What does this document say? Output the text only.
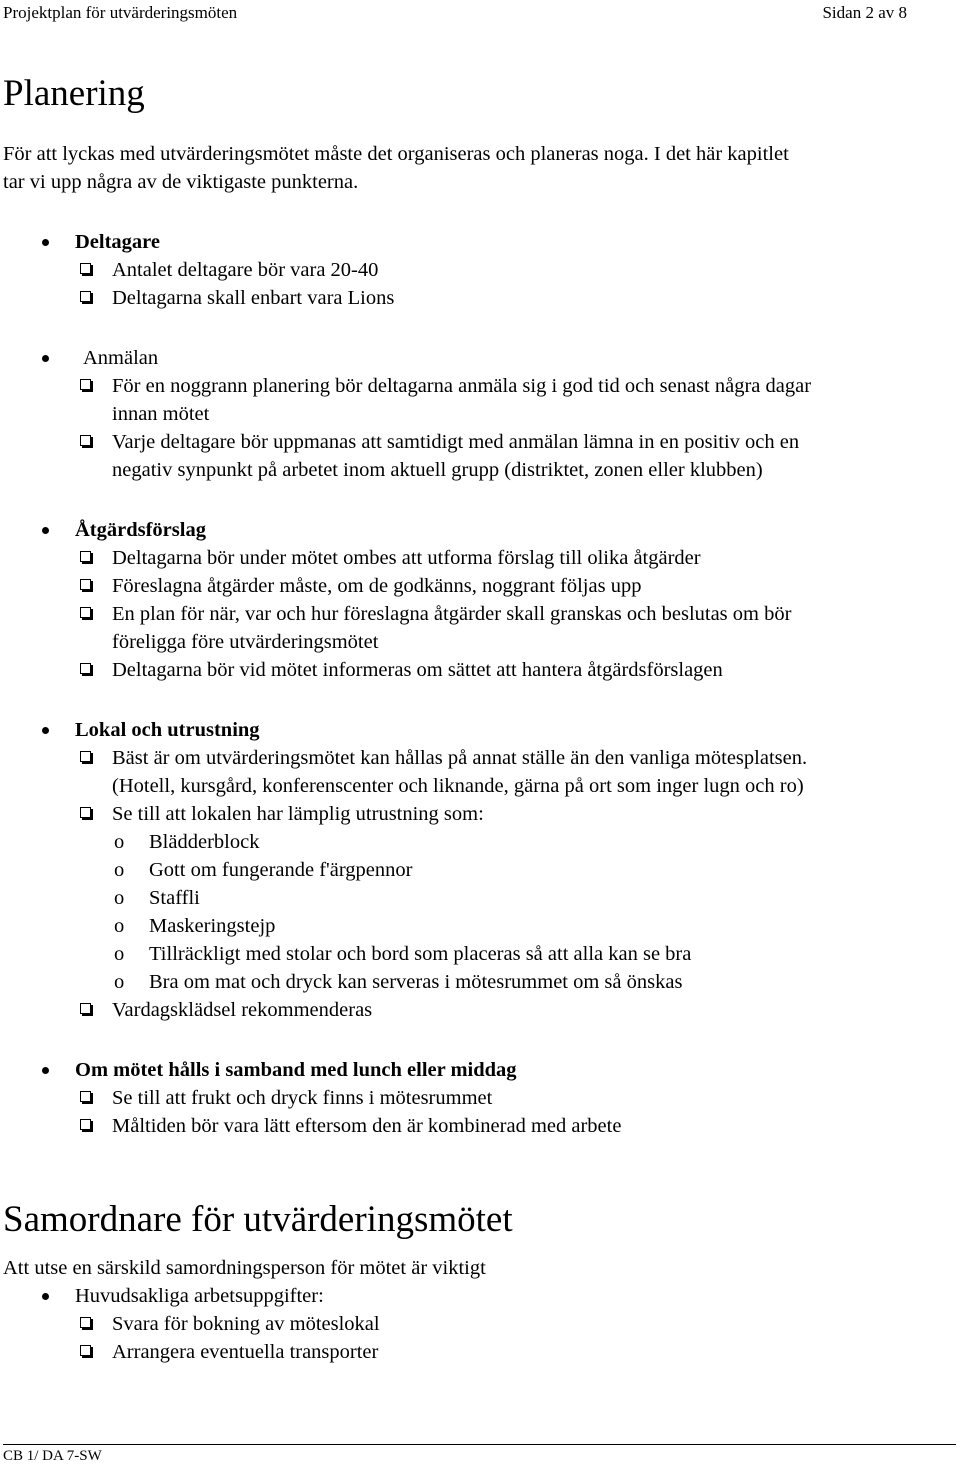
Projektplan för utvärderingsmöten	Sidan 2 av 8
Planering

För att lyckas med utvärderingsmötet måste det organiseras och planeras noga. I det här kapitlet
tar vi upp några av de viktigaste punkterna.

Deltagare
Antalet deltagare bör vara 20-40
Deltagarna skall enbart vara Lions
Anmälan
För en noggrann planering bör deltagarna anmäla sig i god tid och senast några dagar
innan mötet
Varje deltagare bör uppmanas att samtidigt med anmälan lämna in en positiv och en
negativ synpunkt på arbetet inom aktuell grupp (distriktet, zonen eller klubben)
Åtgärdsförslag
Deltagarna bör under mötet ombes att utforma förslag till olika åtgärder
Föreslagna åtgärder måste, om de godkänns, noggrant följas upp
En plan för när, var och hur föreslagna åtgärder skall granskas och beslutas om bör
föreligga före utvärderingsmötet
Deltagarna bör vid mötet informeras om sättet att hantera åtgärdsförslagen
Lokal och utrustning
Bäst är om utvärderingsmötet kan hållas på annat ställe än den vanliga mötesplatsen.
(Hotell, kursgård, konferenscenter och liknande, gärna på ort som inger lugn och ro)
Se till att lokalen har lämplig utrustning som:
o Blädderblock
o Gott om fungerande f'ärgpennor
o Staffli
o Maskeringstejp
o Tillräckligt med stolar och bord som placeras så att alla kan se bra
o Bra om mat och dryck kan serveras i mötesrummet om så önskas
Vardagsklädsel rekommenderas
Om mötet hålls i samband med lunch eller middag
Se till att frukt och dryck finns i mötesrummet
Måltiden bör vara lätt eftersom den är kombinerad med arbete
Samordnare för utvärderingsmötet

Att utse en särskild samordningsperson för mötet är viktigt

Huvudsakliga arbetsuppgifter:
Svara för bokning av möteslokal
Arrangera eventuella transporter
CB 1/ DA 7-SW
